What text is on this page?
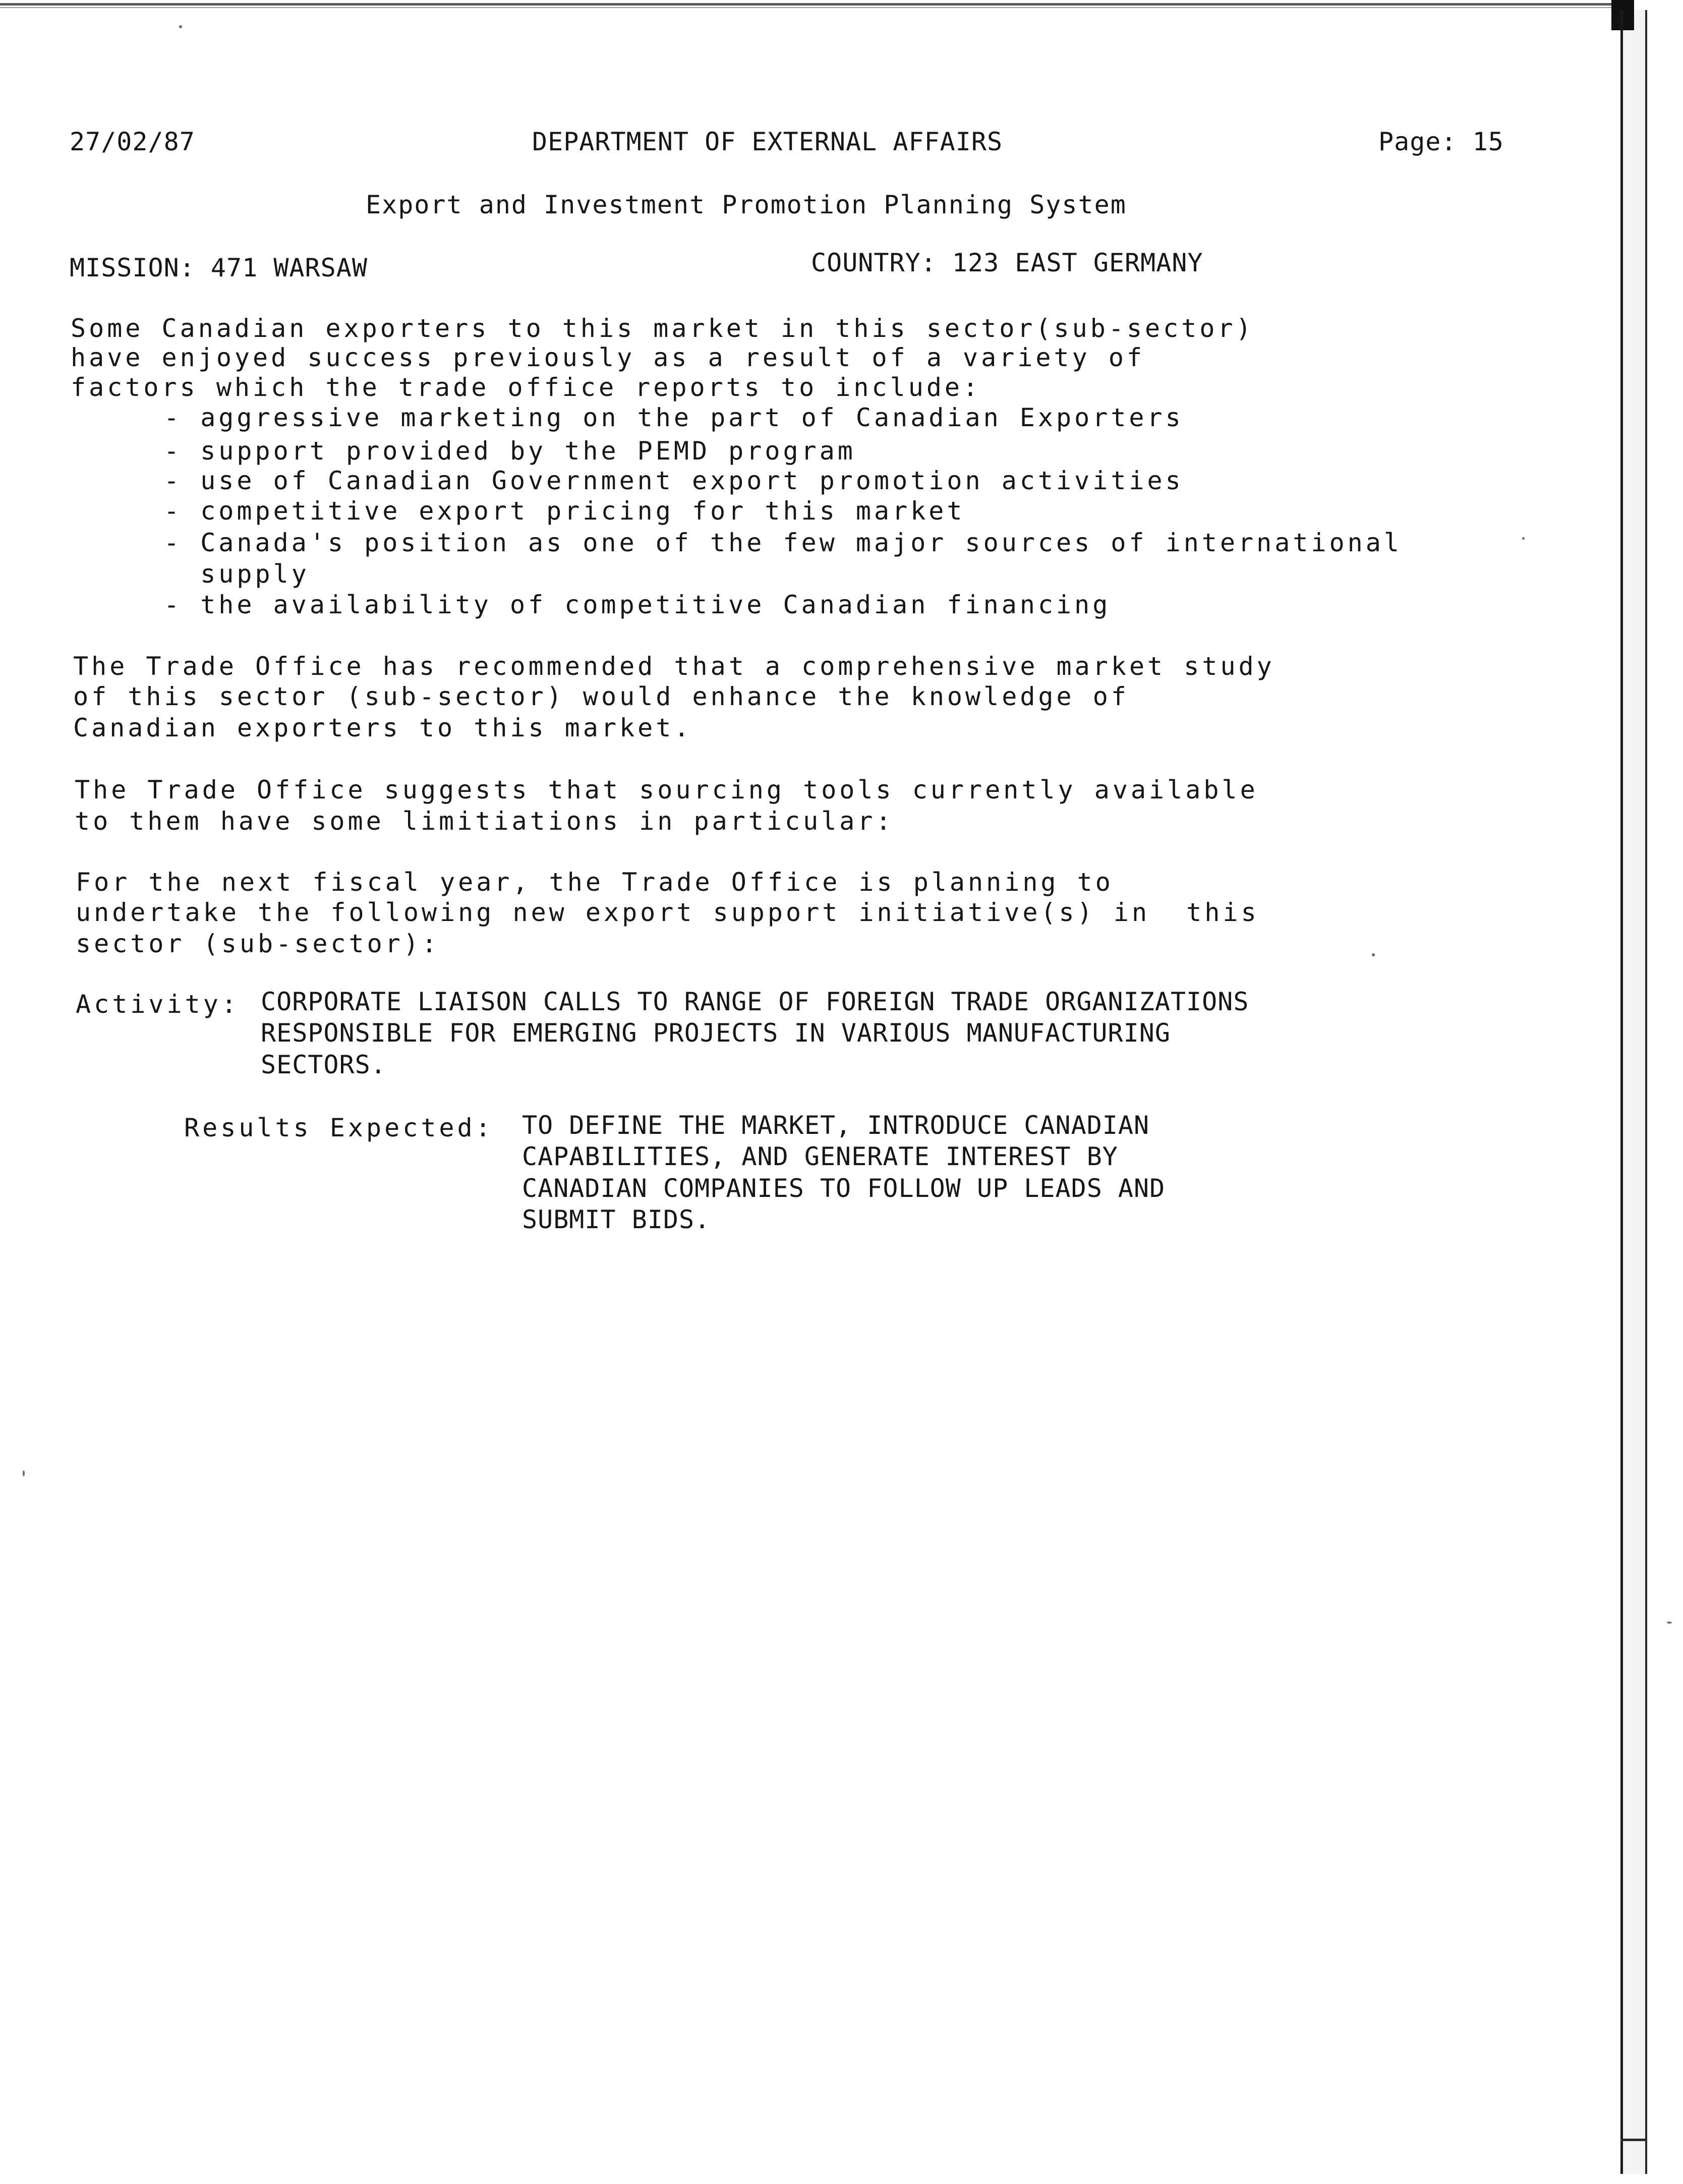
27/02/87	DEPARTMENT OF EXTERNAL AFFAIRS	Page: 15
Export and Investment Promotion Planning System
MISSION: 471 WARSAW	COUNTRY: 123 EAST GERMANY
Some Canadian exporters to this market in this sector(sub-sector)
have enjoyed success previously as a result of a variety of
factors which the trade office reports to include:
- aggressive marketing on the part of Canadian Exporters
- support provided by the PEMD program
- use of Canadian Government export promotion activities
- competitive export pricing for this market
- Canada's position as one of the few major sources of international
supply
- the availability of competitive Canadian financing
The Trade Office has recommended that a comprehensive market study
of this sector (sub-sector) would enhance the knowledge of
Canadian exporters to this market.
The Trade Office suggests that sourcing tools currently available
to them have some limitiations in particular:
For the next fiscal year, the Trade Office is planning to
undertake the following new export support initiative(s) in  this
sector (sub-sector):
Activity: CORPORATE LIAISON CALLS TO RANGE OF FOREIGN TRADE ORGANIZATIONS
RESPONSIBLE FOR EMERGING PROJECTS IN VARIOUS MANUFACTURING
SECTORS.
Results Expected: TO DEFINE THE MARKET, INTRODUCE CANADIAN
CAPABILITIES, AND GENERATE INTEREST BY
CANADIAN COMPANIES TO FOLLOW UP LEADS AND
SUBMIT BIDS.
